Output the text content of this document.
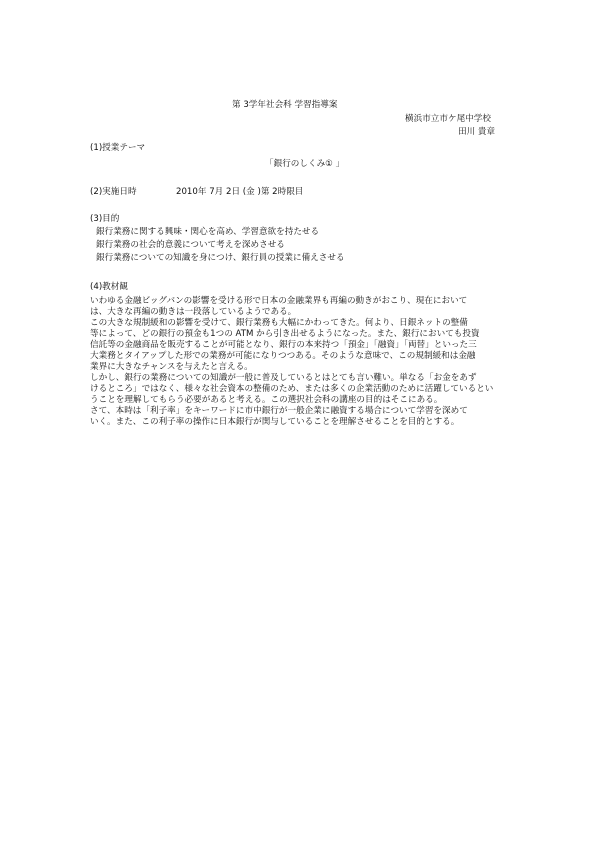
第 3学年社会科 学習指導案
横浜市立市ケ尾中学校
田川 貴章
(1)授業テーマ
「銀行のしくみ① 」
(2)実施日時	2010年 7月 2日 (金 )第 2時限目
(3)目的
銀行業務に関する興味・関心を高め、学習意欲を持たせる
銀行業務の社会的意義について考えを深めさせる
銀行業務についての知識を身につけ、銀行員の授業に備えさせる
(4)教材観

いわゆる金融ビッグバンの影響を受ける形で日本の金融業界も再編の動きがおこり、現在において

は、大きな再編の動きは一段落しているようである。

この大きな規制緩和の影響を受けて、銀行業務も大幅にかわってきた。何より、日銀ネットの整備

等によって、どの銀行の預金も1つの ATM から引き出せるようになった。また、銀行においても投資

信託等の金融商品を販売することが可能となり、銀行の本来持つ「預金」「融資」「両替」といった三

大業務とタイアップした形での業務が可能になりつつある。そのような意味で、この規制緩和は金融

業界に大きなチャンスを与えたと言える。

しかし、銀行の業務についての知識が一般に普及しているとはとても言い難い。単なる「お金をあず

けるところ」ではなく、様々な社会資本の整備のため、または多くの企業活動のために活躍しているとい

うことを理解してもらう必要があると考える。この選択社会科の講座の目的はそこにある。

さて、本時は「利子率」をキーワードに市中銀行が一般企業に融資する場合について学習を深めて

いく。また、この利子率の操作に日本銀行が関与していることを理解させることを目的とする。
